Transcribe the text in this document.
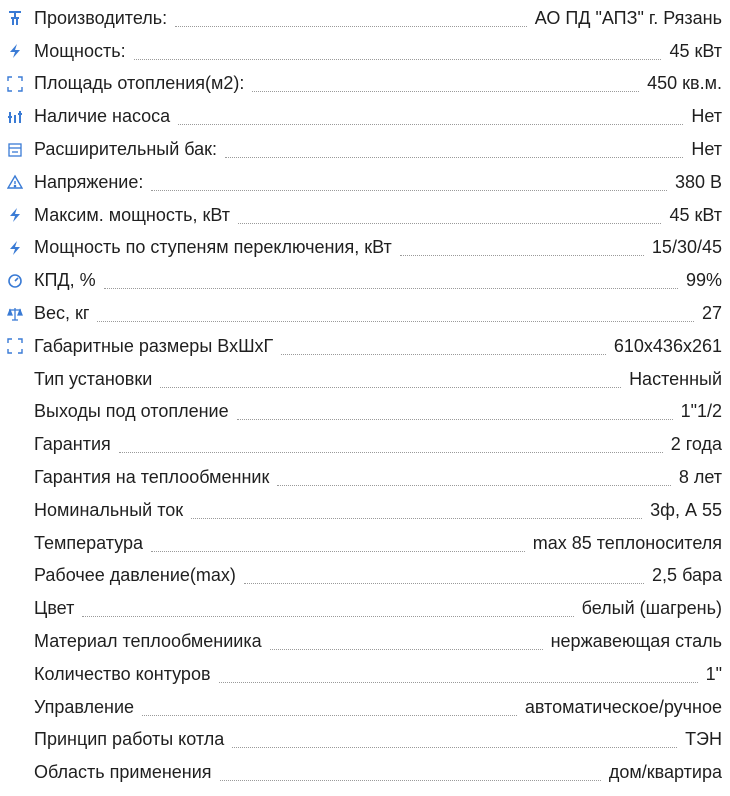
Производитель:	АО ПД "АПЗ" г. Рязань
Мощность:	45 кВт
Площадь отопления(м2):	450 кв.м.
Наличие насоса	Нет
Расширительный бак:	Нет
Напряжение:	380 В
Максим. мощность, кВт	45 кВт
Мощность по ступеням переключения, кВт	15/30/45
КПД, %	99%
Вес, кг	27
Габаритные размеры ВхШхГ	610x436x261
Тип установки	Настенный
Выходы под отопление	1"1/2
Гарантия	2 года
Гарантия на теплообменник	8 лет
Номинальный ток	3ф, А 55
Температура	max 85 теплоносителя
Рабочее давление(max)	2,5 бара
Цвет	белый (шагрень)
Материал теплообмениика	нержавеющая сталь
Количество контуров	1"
Управление	автоматическое/ручное
Принцип работы котла	ТЭН
Область применения	дом/квартира
